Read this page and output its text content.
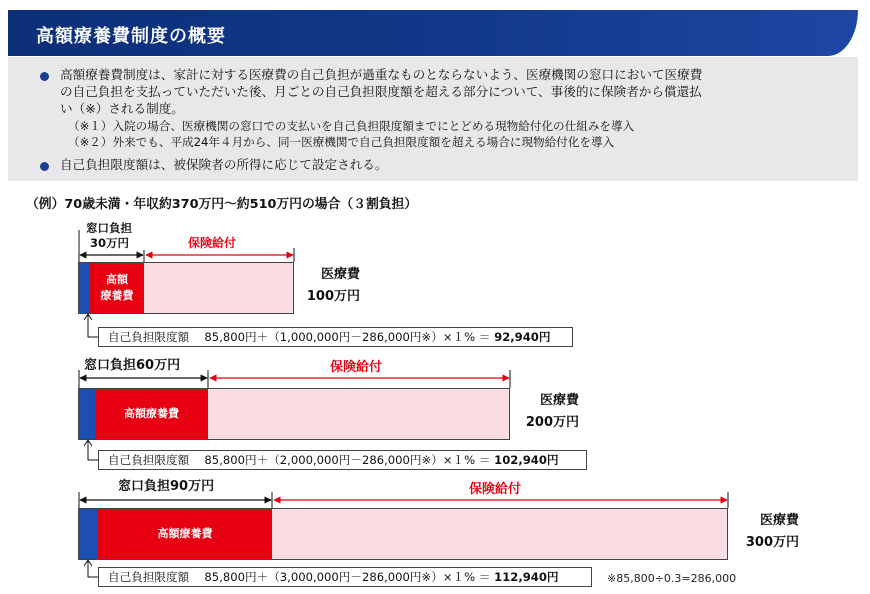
高額療養費制度の概要
高額療養費制度は、家計に対する医療費の自己負担が過重なものとならないよう、医療機関の窓口において医療費
の自己負担を支払っていただいた後、月ごとの自己負担限度額を超える部分について、事後的に保険者から償還払
い（※）される制度。
（※１）入院の場合、医療機関の窓口での支払いを自己負担限度額までにとどめる現物給付化の仕組みを導入
（※２）外来でも、平成24年４月から、同一医療機関で自己負担限度額を超える場合に現物給付化を導入
自己負担限度額は、被保険者の所得に応じて設定される。
（例）70歳未満・年収約370万円～約510万円の場合（３割負担）
窓口負担
30万円	保険給付
高額
療養費
医療費
100万円
自己負担限度額　 85,800円＋（1,000,000円－286,000円※）×１% ＝ 92,940円
窓口負担60万円	保険給付
高額療養費
医療費
200万円
自己負担限度額　 85,800円＋（2,000,000円－286,000円※）×１% ＝ 102,940円
窓口負担90万円	保険給付
高額療養費
医療費
300万円
自己負担限度額　 85,800円＋（3,000,000円－286,000円※）×１% ＝ 112,940円	※85,800÷0.3=286,000
